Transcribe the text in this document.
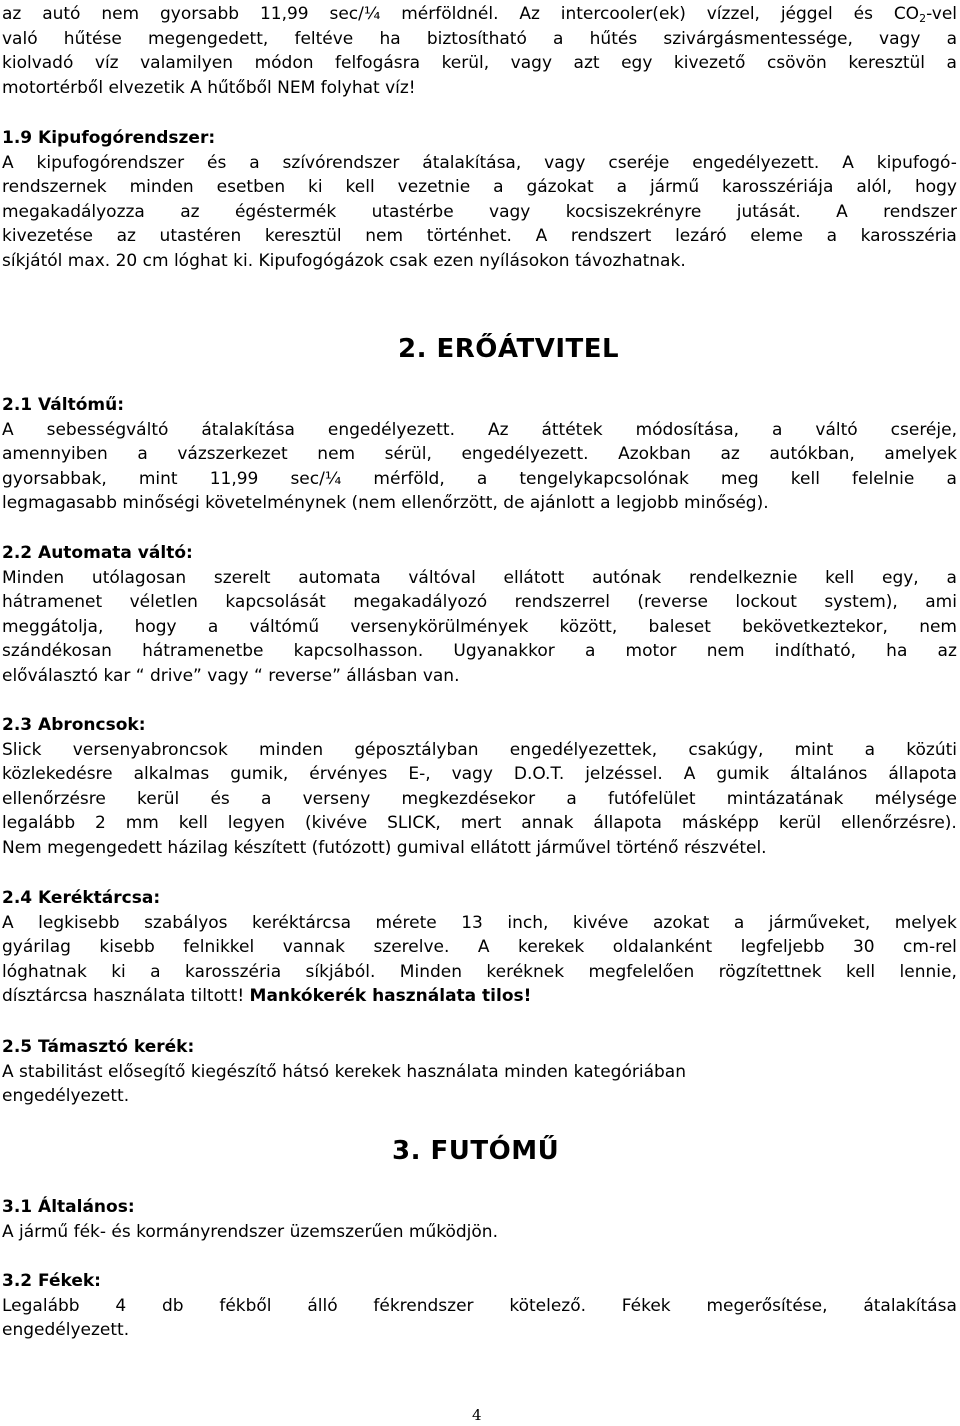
az autó nem gyorsabb 11,99 sec/¼ mérföldnél. Az intercooler(ek) vízzel, jéggel és $CO_2$-vel
való hűtése megengedett, feltéve ha biztosítható a hűtés szivárgásmentessége, vagy a
kiolvadó víz valamilyen módon felfogásra kerül, vagy azt egy kivezető csövön keresztül a
motortérből elvezetik A hűtőből NEM folyhat víz!
1.9 Kipufogórendszer:
A kipufogórendszer és a szívórendszer átalakítása, vagy cseréje engedélyezett. A kipufogó-
rendszernek minden esetben ki kell vezetnie a gázokat a jármű karosszériája alól, hogy
megakadályozza az égéstermék utastérbe vagy kocsiszekrényre jutását. A rendszer
kivezetése az utastéren keresztül nem történhet. A rendszert lezáró eleme a karosszéria
síkjától max. 20 cm lóghat ki. Kipufogógázok csak ezen nyílásokon távozhatnak.
2. ERŐÁTVITEL
2.1 Váltómű:
A sebességváltó átalakítása engedélyezett. Az áttétek módosítása, a váltó cseréje,
amennyiben a vázszerkezet nem sérül, engedélyezett. Azokban az autókban, amelyek
gyorsabbak, mint 11,99 sec/¼ mérföld, a tengelykapcsolónak meg kell felelnie a
legmagasabb minőségi követelménynek (nem ellenőrzött, de ajánlott a legjobb minőség).
2.2 Automata váltó:
Minden utólagosan szerelt automata váltóval ellátott autónak rendelkeznie kell egy, a
hátramenet véletlen kapcsolását megakadályozó rendszerrel (reverse lockout system), ami
meggátolja, hogy a váltómű versenykörülmények között, baleset bekövetkeztekor, nem
szándékosan hátramenetbe kapcsolhasson. Ugyanakkor a motor nem indítható, ha az
előválasztó kar “ drive” vagy “ reverse” állásban van.
2.3 Abroncsok:
Slick versenyabroncsok minden géposztályban engedélyezettek, csakúgy, mint a közúti
közlekedésre alkalmas gumik, érvényes E-, vagy D.O.T. jelzéssel. A gumik általános állapota
ellenőrzésre kerül és a verseny megkezdésekor a futófelület mintázatának mélysége
legalább 2 mm kell legyen (kivéve SLICK, mert annak állapota másképp kerül ellenőrzésre).
Nem megengedett házilag készített (futózott) gumival ellátott járművel történő részvétel.
2.4 Keréktárcsa:
A legkisebb szabályos keréktárcsa mérete 13 inch, kivéve azokat a járműveket, melyek
gyárilag kisebb felnikkel vannak szerelve. A kerekek oldalanként legfeljebb 30 cm-rel
lóghatnak ki a karosszéria síkjából. Minden keréknek megfelelően rögzítettnek kell lennie,
dísztárcsa használata tiltott! Mankókerék használata tilos!
2.5 Támasztó kerék:
A stabilitást elősegítő kiegészítő hátsó kerekek használata minden kategóriában
engedélyezett.
3. FUTÓMŰ
3.1 Általános:
A jármű fék- és kormányrendszer üzemszerűen működjön.
3.2 Fékek:
Legalább 4 db fékből álló fékrendszer kötelező. Fékek megerősítése, átalakítása
engedélyezett.
4
